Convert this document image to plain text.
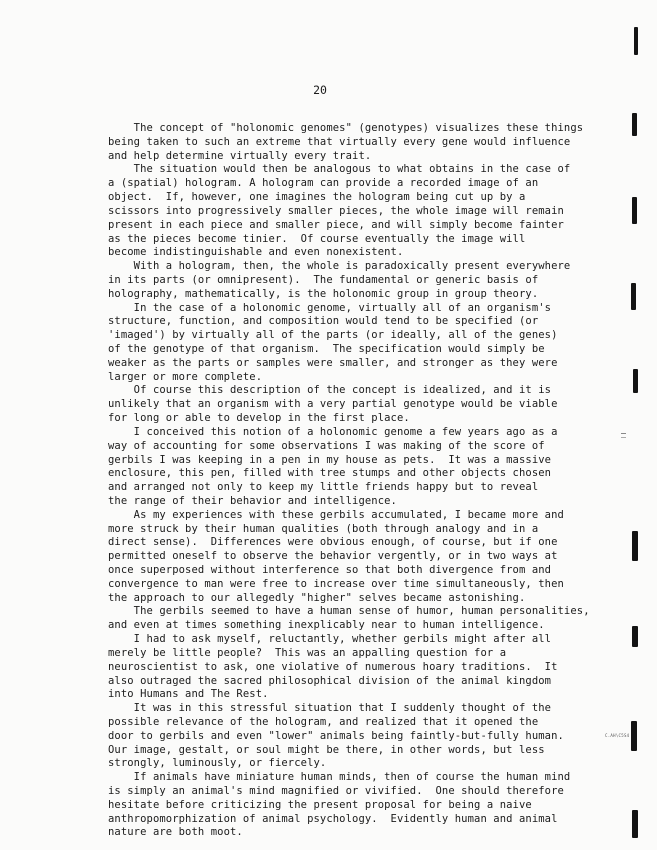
20
The concept of "holonomic genomes" (genotypes) visualizes these things
being taken to such an extreme that virtually every gene would influence
and help determine virtually every trait.
The situation would then be analogous to what obtains in the case of
a (spatial) hologram. A hologram can provide a recorded image of an
object.  If, however, one imagines the hologram being cut up by a
scissors into progressively smaller pieces, the whole image will remain
present in each piece and smaller piece, and will simply become fainter
as the pieces become tinier.  Of course eventually the image will
become indistinguishable and even nonexistent.
With a hologram, then, the whole is paradoxically present everywhere
in its parts (or omnipresent).  The fundamental or generic basis of
holography, mathematically, is the holonomic group in group theory.
In the case of a holonomic genome, virtually all of an organism's
structure, function, and composition would tend to be specified (or
'imaged') by virtually all of the parts (or ideally, all of the genes)
of the genotype of that organism.  The specification would simply be
weaker as the parts or samples were smaller, and stronger as they were
larger or more complete.
Of course this description of the concept is idealized, and it is
unlikely that an organism with a very partial genotype would be viable
for long or able to develop in the first place.
I conceived this notion of a holonomic genome a few years ago as a
way of accounting for some observations I was making of the score of
gerbils I was keeping in a pen in my house as pets.  It was a massive
enclosure, this pen, filled with tree stumps and other objects chosen
and arranged not only to keep my little friends happy but to reveal
the range of their behavior and intelligence.
As my experiences with these gerbils accumulated, I became more and
more struck by their human qualities (both through analogy and in a
direct sense).  Differences were obvious enough, of course, but if one
permitted oneself to observe the behavior vergently, or in two ways at
once superposed without interference so that both divergence from and
convergence to man were free to increase over time simultaneously, then
the approach to our allegedly "higher" selves became astonishing.
The gerbils seemed to have a human sense of humor, human personalities,
and even at times something inexplicably near to human intelligence.
I had to ask myself, reluctantly, whether gerbils might after all
merely be little people?  This was an appalling question for a
neuroscientist to ask, one violative of numerous hoary traditions.  It
also outraged the sacred philosophical division of the animal kingdom
into Humans and The Rest.
It was in this stressful situation that I suddenly thought of the
possible relevance of the hologram, and realized that it opened the
door to gerbils and even "lower" animals being faintly-but-fully human.
Our image, gestalt, or soul might be there, in other words, but less
strongly, luminously, or fiercely.
If animals have miniature human minds, then of course the human mind
is simply an animal's mind magnified or vivified.  One should therefore
hesitate before criticizing the present proposal for being a naive
anthropomorphization of animal psychology.  Evidently human and animal
nature are both moot.
C.AH\C5S4
